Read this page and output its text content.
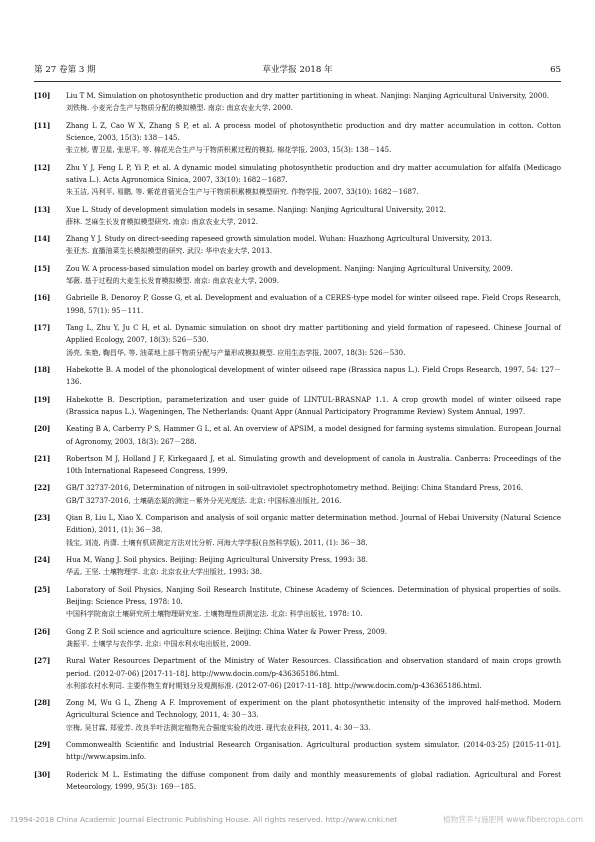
第 27 卷第 3 期	草业学报 2018 年	65
[10] Liu T M. Simulation on photosynthetic production and dry matter partitioning in wheat. Nanjing: Nanjing Agricultural University, 2000.
刘铁梅. 小麦光合生产与物质分配的模拟模型. 南京: 南京农业大学, 2000.
[11] Zhang L Z, Cao W X, Zhang S P, et al. A process model of photosynthetic production and dry matter accumulation in cotton. Cotton Science, 2003, 15(3): 138－145.
张立桢, 曹卫星, 张思平, 等. 棉花光合生产与干物质积累过程的模拟. 棉花学报, 2003, 15(3): 138－145.
[12] Zhu Y J, Feng L P, Yi P, et al. A dynamic model simulating photosynthetic production and dry matter accumulation for alfalfa (Medicago sativa L.). Acta Agronomica Sinica, 2007, 33(10): 1682－1687.
朱玉洁, 冯利平, 易鹏, 等. 紫花苜蓿光合生产与干物质积累模拟模型研究. 作物学报, 2007, 33(10): 1682－1687.
[13] Xue L. Study of development simulation models in sesame. Nanjing: Nanjing Agricultural University, 2012.
薛林. 芝麻生长发育模拟模型研究. 南京: 南京农业大学, 2012.
[14] Zhang Y J. Study on direct-seeding rapeseed growth simulation model. Wuhan: Huazhong Agricultural University, 2013.
张亚杰. 直播油菜生长模拟模型的研究. 武汉: 华中农业大学, 2013.
[15] Zou W. A process-based simulation model on barley growth and development. Nanjing: Nanjing Agricultural University, 2009.
邹薇. 基于过程的大麦生长发育模拟模型. 南京: 南京农业大学, 2009.
[16] Gabrielle B, Denoroy P, Gosse G, et al. Development and evaluation of a CERES-type model for winter oilseed rape. Field Crops Research, 1998, 57(1): 95－111.
[17] Tang L, Zhu Y, Ju C H, et al. Dynamic simulation on shoot dry matter partitioning and yield formation of rapeseed. Chinese Journal of Applied Ecology, 2007, 18(3): 526－530.
汤亮, 朱艳, 鞠昌华, 等. 油菜地上部干物质分配与产量形成模拟模型. 应用生态学报, 2007, 18(3): 526－530.
[18] Habekotte B. A model of the phonological development of winter oilseed rape (Brassica napus L.). Field Crops Research, 1997, 54: 127－136.
[19] Habekotte B. Description, parameterization and user guide of LINTUL-BRASNAP 1.1. A crop growth model of winter oilseed rape (Brassica napus L.). Wageningen, The Netherlands: Quant Appr (Annual Participatory Programme Review) System Annual, 1997.
[20] Keating B A, Carberry P S, Hammer G L, et al. An overview of APSIM, a model designed for farming systems simulation. European Journal of Agronomy, 2003, 18(3): 267－288.
[21] Robertson M J, Holland J F, Kirkegaard J, et al. Simulating growth and development of canola in Australia. Canberra: Proceedings of the 10th International Rapeseed Congress, 1999.
[22] GB/T 32737-2016, Determination of nitrogen in soil-ultraviolet spectrophotometry method. Beijing: China Standard Press, 2016.
GB/T 32737-2016, 土壤硝态氮的测定－紫外分光光度法. 北京: 中国标准出版社, 2016.
[23] Qian B, Liu L, Xiao X. Comparison and analysis of soil organic matter determination method. Journal of Hebai University (Natural Science Edition), 2011, (1): 36－38.
钱宝, 刘凌, 肖潇. 土壤有机质测定方法对比分析. 河海大学学报(自然科学版), 2011, (1): 36－38.
[24] Hua M, Wang J. Soil physics. Beijing: Beijing Agricultural University Press, 1993: 38.
华孟, 王坚. 土壤物理学. 北京: 北京农业大学出版社, 1993: 38.
[25] Laboratory of Soil Physics, Nanjing Soil Research Institute, Chinese Academy of Sciences. Determination of physical properties of soils. Beijing: Science Press, 1978: 10.
中国科学院南京土壤研究所土壤物理研究室. 土壤物理性质测定法. 北京: 科学出版社, 1978: 10.
[26] Gong Z P. Soil science and agriculture science. Beijing: China Water & Power Press, 2009.
龚振平. 土壤学与农作学. 北京: 中国水利水电出版社, 2009.
[27] Rural Water Resources Department of the Ministry of Water Resources. Classification and observation standard of main crops growth period. (2012-07-06) [2017-11-18]. http://www.docin.com/p-436365186.html.
水利部农村水利司. 主要作物生育时期划分及观测标准. (2012-07-06) [2017-11-18]. http://www.docin.com/p-436365186.html.
[28] Zong M, Wu G L, Zheng A F. Improvement of experiment on the plant photosynthetic intensity of the improved half-method. Modern Agricultural Science and Technology, 2011, 4: 30－33.
宗梅, 吴甘霖, 郑爱芳. 改良半叶法测定植物光合强度实验的改进. 现代农业科技, 2011, 4: 30－33.
[29] Commonwealth Scientific and Industrial Research Organisation. Agricultural production system simulator. (2014-03-25) [2015-11-01]. http://www.apsim.info.
[30] Roderick M L. Estimating the diffuse component from daily and monthly measurements of global radiation. Agricultural and Forest Meteorology, 1999, 95(3): 169－185.
?1994-2018 China Academic Journal Electronic Publishing House. All rights reserved. http://www.cnki.net	植物营养与施肥网 www.fibercrops.com
